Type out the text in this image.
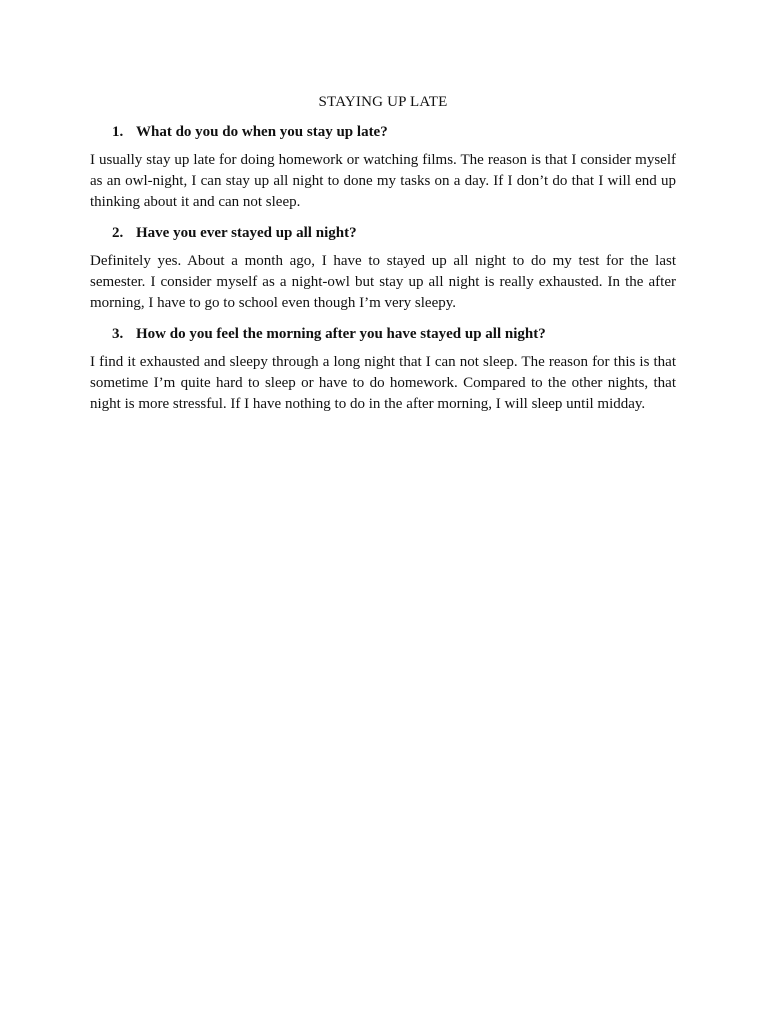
STAYING UP LATE
1. What do you do when you stay up late?

I usually stay up late for doing homework or watching films. The reason is that I consider myself as an owl-night, I can stay up all night to done my tasks on a day. If I don’t do that I will end up thinking about it and can not sleep.

2. Have you ever stayed up all night?

Definitely yes. About a month ago, I have to stayed up all night to do my test for the last semester. I consider myself as a night-owl but stay up all night is really exhausted. In the after morning, I have to go to school even though I’m very sleepy.

3. How do you feel the morning after you have stayed up all night?

I find it exhausted and sleepy through a long night that I can not sleep. The reason for this is that sometime I’m quite hard to sleep or have to do homework. Compared to the other nights, that night is more stressful. If I have nothing to do in the after morning, I will sleep until midday.
